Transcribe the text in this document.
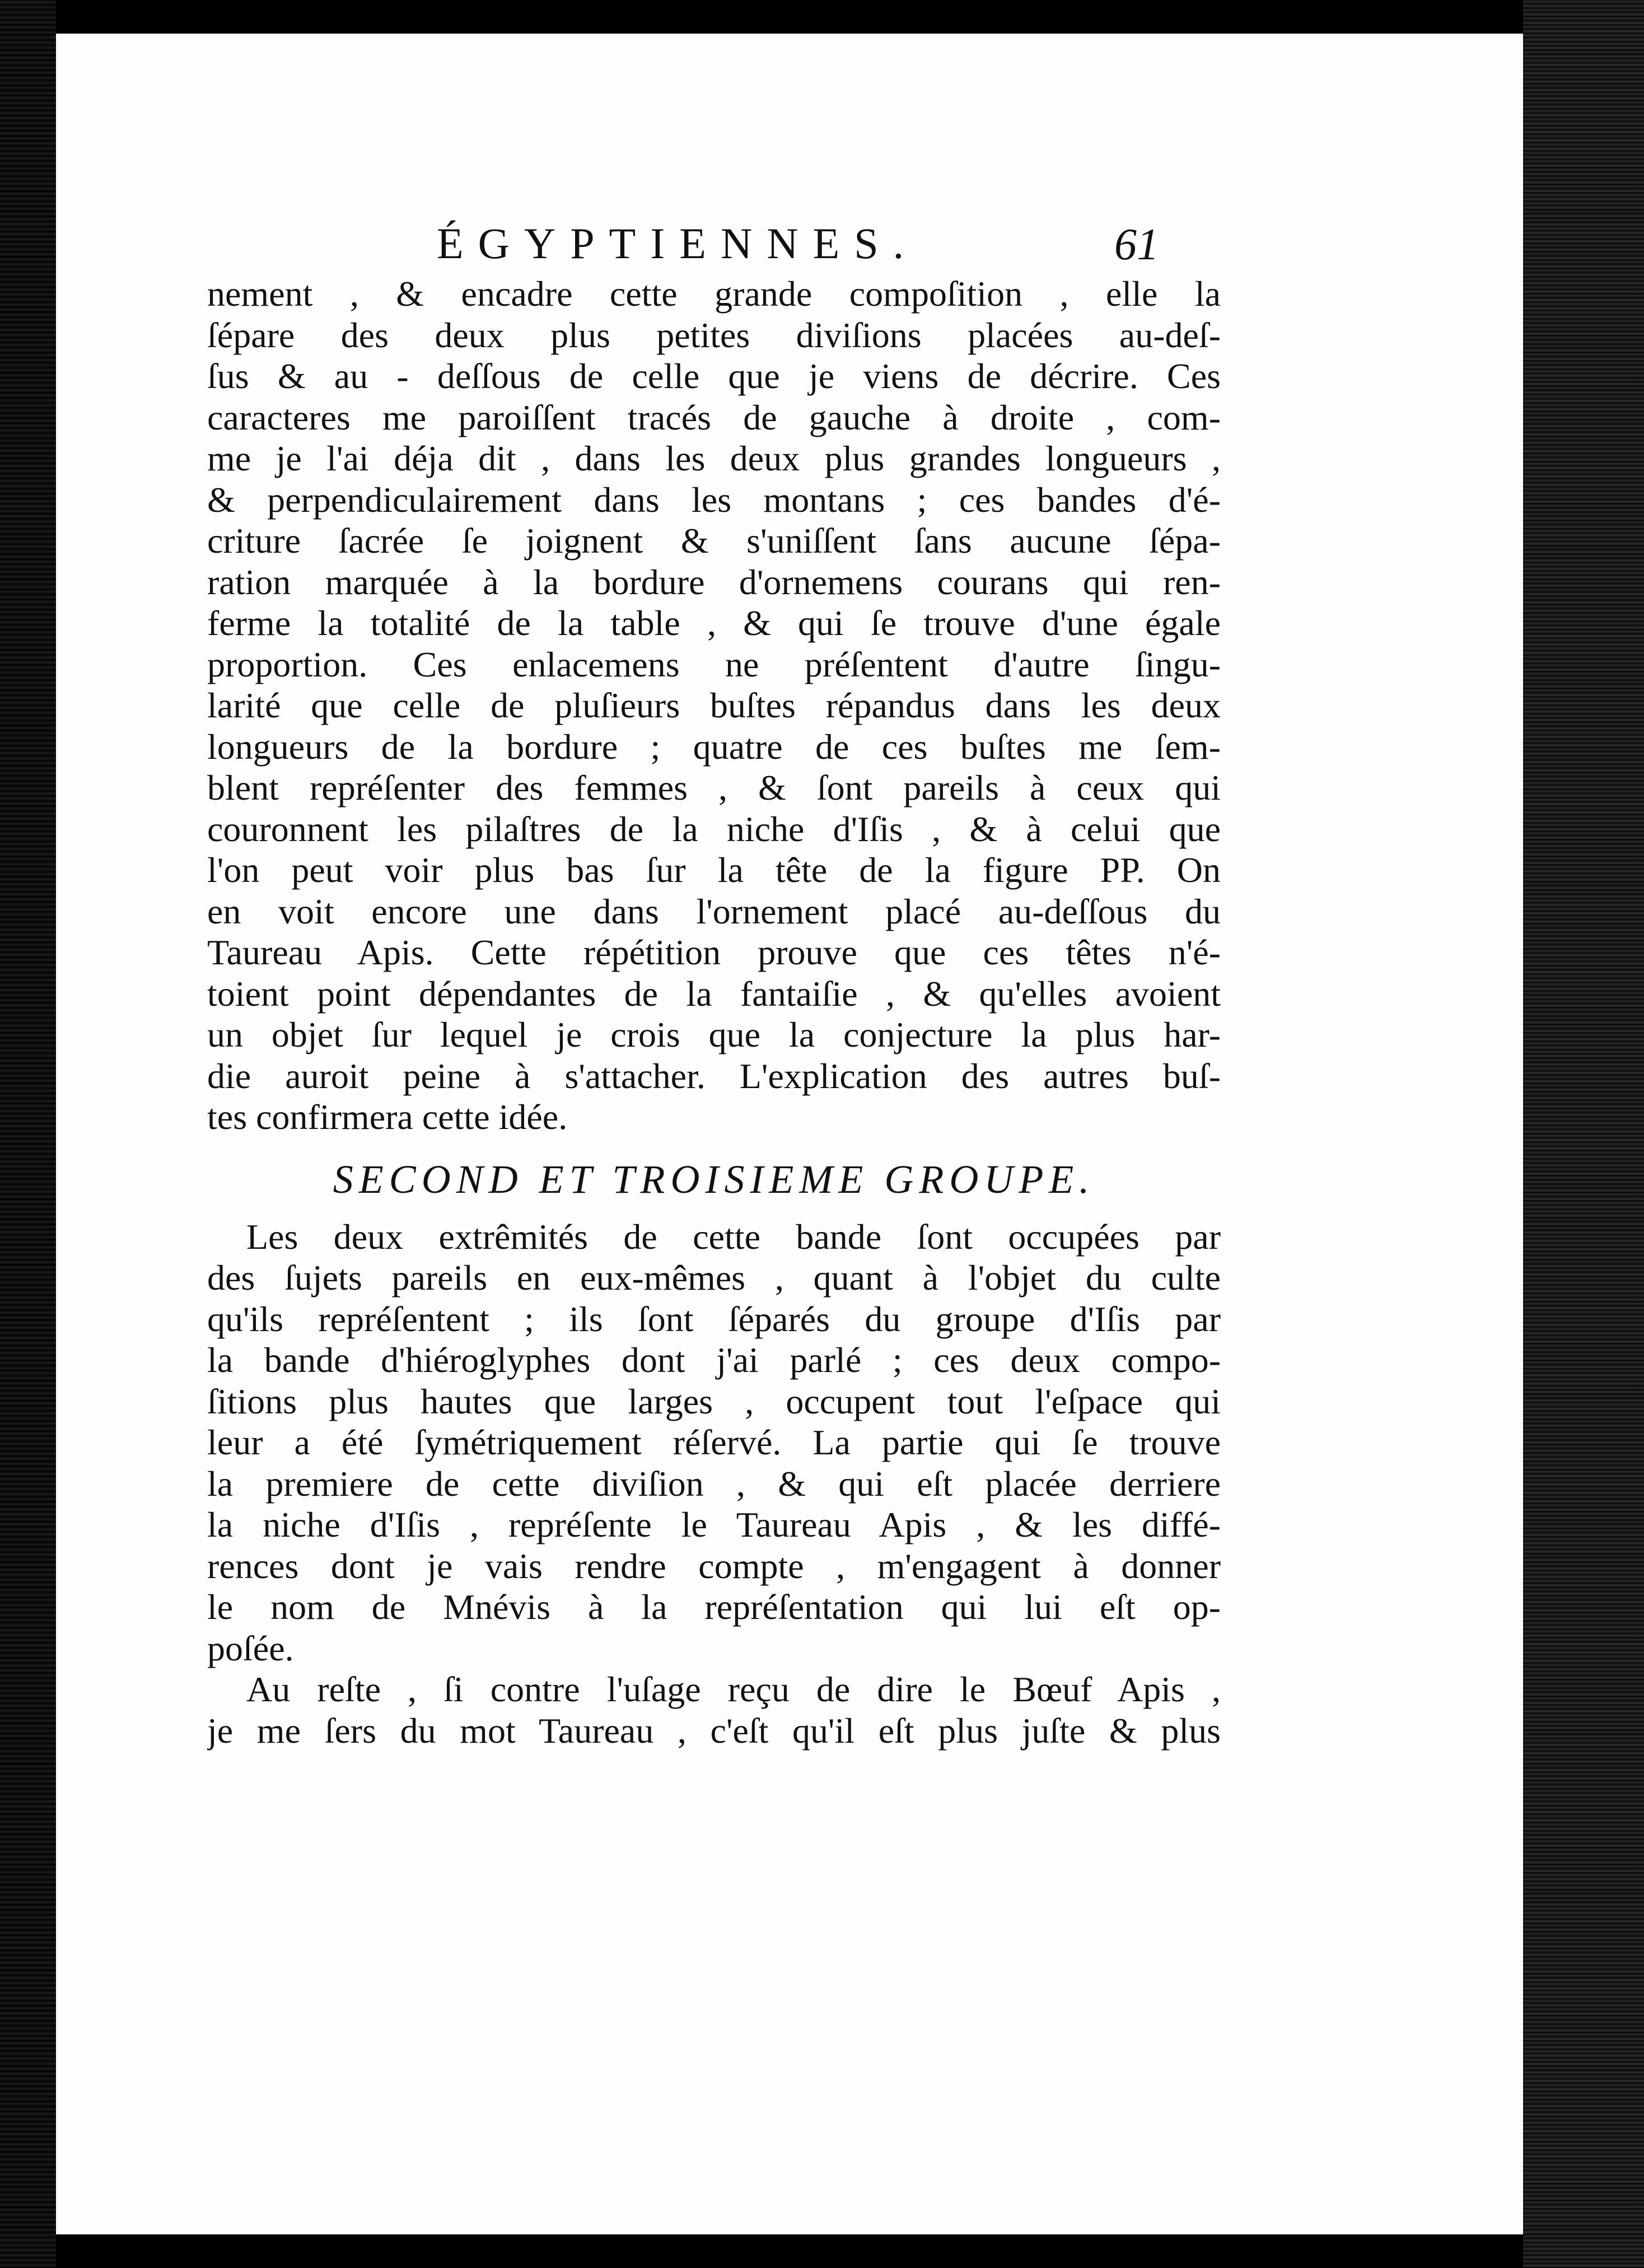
ÉGYPTIENNES.	61
nement , & encadre cette grande compoſition , elle la
ſépare des deux plus petites diviſions placées au-deſ-
ſus & au - deſſous de celle que je viens de décrire. Ces
caracteres me paroiſſent tracés de gauche à droite , com-
me je l'ai déja dit , dans les deux plus grandes longueurs ,
& perpendiculairement dans les montans ; ces bandes d'é-
criture ſacrée ſe joignent & s'uniſſent ſans aucune ſépa-
ration marquée à la bordure d'ornemens courans qui ren-
ferme la totalité de la table , & qui ſe trouve d'une égale
proportion. Ces enlacemens ne préſentent d'autre ſingu-
larité que celle de pluſieurs buſtes répandus dans les deux
longueurs de la bordure ; quatre de ces buſtes me ſem-
blent repréſenter des femmes , & ſont pareils à ceux qui
couronnent les pilaſtres de la niche d'Iſis , & à celui que
l'on peut voir plus bas ſur la tête de la figure PP. On
en voit encore une dans l'ornement placé au-deſſous du
Taureau Apis. Cette répétition prouve que ces têtes n'é-
toient point dépendantes de la fantaiſie , & qu'elles avoient
un objet ſur lequel je crois que la conjecture la plus har-
die auroit peine à s'attacher. L'explication des autres buſ-
tes confirmera cette idée.
SECOND ET TROISIEME GROUPE.
Les deux extrêmités de cette bande ſont occupées par
des ſujets pareils en eux-mêmes , quant à l'objet du culte
qu'ils repréſentent ; ils ſont ſéparés du groupe d'Iſis par
la bande d'hiéroglyphes dont j'ai parlé ; ces deux compo-
ſitions plus hautes que larges , occupent tout l'eſpace qui
leur a été ſymétriquement réſervé. La partie qui ſe trouve
la premiere de cette diviſion , & qui eſt placée derriere
la niche d'Iſis , repréſente le Taureau Apis , & les diffé-
rences dont je vais rendre compte , m'engagent à donner
le nom de Mnévis à la repréſentation qui lui eſt op-
poſée.
Au reſte , ſi contre l'uſage reçu de dire le Bœuf Apis ,
je me ſers du mot Taureau , c'eſt qu'il eſt plus juſte & plus
